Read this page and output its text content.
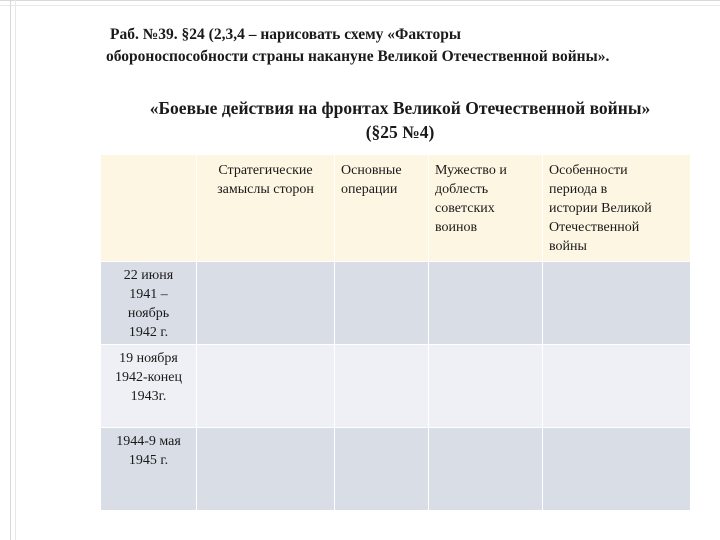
Раб. №39. §24 (2,3,4 – нарисовать схему «Факторы
обороноспособности страны накануне Великой Отечественной войны».
«Боевые действия на фронтах Великой Отечественной войны»
(§25 №4)

	Стратегические
замыслы сторон	Основные
операции	Мужество и
доблесть
советских
воинов	Особенности
периода в
истории Великой
Отечественной
войны

22 июня
1941 –
ноябрь
1942 г.				

19 ноября
1942-конец
1943г.				

1944-9 мая
1945 г.				
